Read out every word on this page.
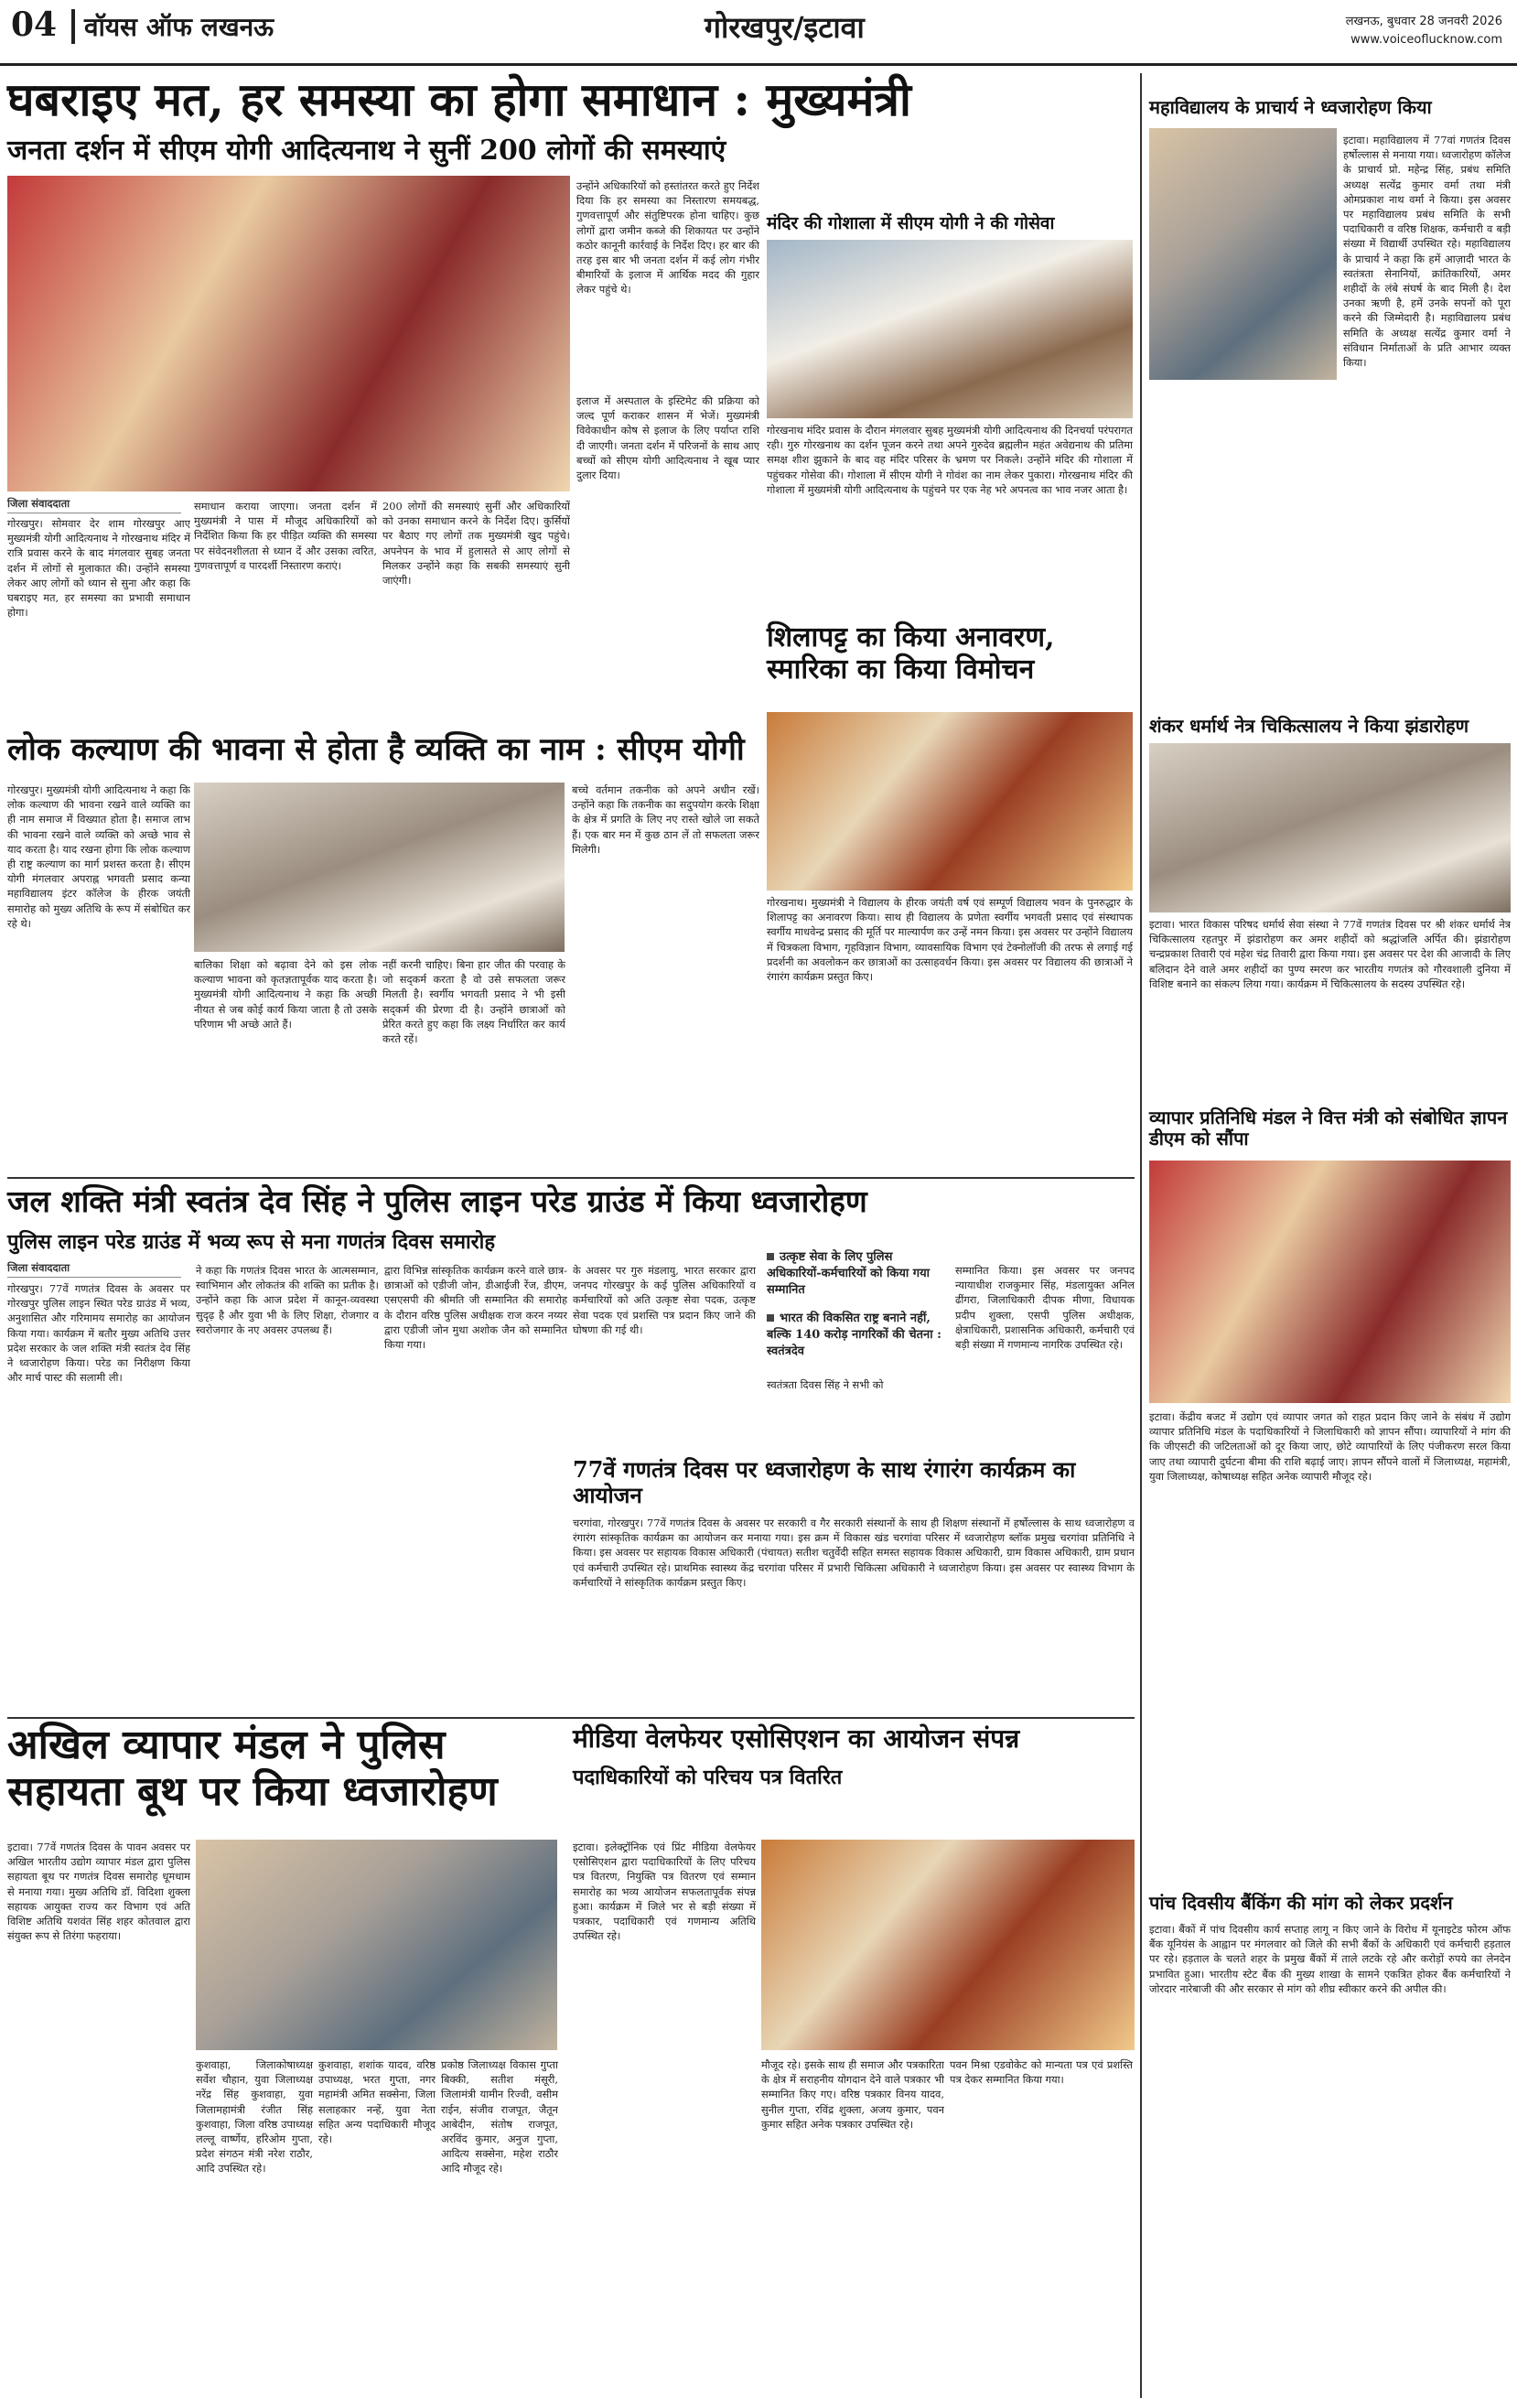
04	वॉयस ऑफ लखनऊ	गोरखपुर/इटावा	लखनऊ, बुधवार 28 जनवरी 2026
www.voiceoflucknow.com
घबराइए मत, हर समस्या का होगा समाधान : मुख्यमंत्री
जनता दर्शन में सीएम योगी आदित्यनाथ ने सुनीं 200 लोगों की समस्याएं
जिला संवाददाता
गोरखपुर। सोमवार देर शाम गोरखपुर आए मुख्यमंत्री योगी आदित्यनाथ ने गोरखनाथ मंदिर में रात्रि प्रवास करने के बाद मंगलवार सुबह जनता दर्शन में लोगों से मुलाकात की। उन्होंने समस्या लेकर आए लोगों को ध्यान से सुना और कहा कि घबराइए मत, हर समस्या का प्रभावी समाधान होगा।
समाधान कराया जाएगा। जनता दर्शन में मुख्यमंत्री ने पास में मौजूद अधिकारियों को निर्देशित किया कि हर पीड़ित व्यक्ति की समस्या पर संवेदनशीलता से ध्यान दें और उसका त्वरित, गुणवत्तापूर्ण व पारदर्शी निस्तारण कराएं।
200 लोगों की समस्याएं सुनीं और अधिकारियों को उनका समाधान करने के निर्देश दिए। कुर्सियों पर बैठाए गए लोगों तक मुख्यमंत्री खुद पहुंचे। अपनेपन के भाव में हुलासते से आए लोगों से मिलकर उन्होंने कहा कि सबकी समस्याएं सुनी जाएंगी।
उन्होंने अधिकारियों को हस्तांतरत करते हुए निर्देश दिया कि हर समस्या का निस्तारण समयबद्ध, गुणवत्तापूर्ण और संतुष्टिपरक होना चाहिए। कुछ लोगों द्वारा जमीन कब्जे की शिकायत पर उन्होंने कठोर कानूनी कार्रवाई के निर्देश दिए। हर बार की तरह इस बार भी जनता दर्शन में कई लोग गंभीर बीमारियों के इलाज में आर्थिक मदद की गुहार लेकर पहुंचे थे।
इलाज में अस्पताल के इस्टिमेट की प्रक्रिया को जल्द पूर्ण कराकर शासन में भेजें। मुख्यमंत्री विवेकाधीन कोष से इलाज के लिए पर्याप्त राशि दी जाएगी। जनता दर्शन में परिजनों के साथ आए बच्चों को सीएम योगी आदित्यनाथ ने खूब प्यार दुलार दिया।
मंदिर की गोशाला में सीएम योगी ने की गोसेवा
गोरखनाथ मंदिर प्रवास के दौरान मंगलवार सुबह मुख्यमंत्री योगी आदित्यनाथ की दिनचर्या परंपरागत रही। गुरु गोरखनाथ का दर्शन पूजन करने तथा अपने गुरुदेव ब्रह्मलीन महंत अवेद्यनाथ की प्रतिमा समक्ष शीश झुकाने के बाद वह मंदिर परिसर के भ्रमण पर निकले। उन्होंने मंदिर की गोशाला में पहुंचकर गोसेवा की। गोशाला में सीएम योगी ने गोवंश का नाम लेकर पुकारा। गोरखनाथ मंदिर की गोशाला में मुख्यमंत्री योगी आदित्यनाथ के पहुंचने पर एक नेह भरे अपनत्व का भाव नजर आता है।
शिलापट्ट का किया अनावरण, स्मारिका का किया विमोचन
गोरखनाथ। मुख्यमंत्री ने विद्यालय के हीरक जयंती वर्ष एवं सम्पूर्ण विद्यालय भवन के पुनरुद्धार के शिलापट्ट का अनावरण किया। साथ ही विद्यालय के प्रणेता स्वर्गीय भगवती प्रसाद एवं संस्थापक स्वर्गीय माधवेन्द्र प्रसाद की मूर्ति पर माल्यार्पण कर उन्हें नमन किया। इस अवसर पर उन्होंने विद्यालय में चित्रकला विभाग, गृहविज्ञान विभाग, व्यावसायिक विभाग एवं टेक्नोलॉजी की तरफ से लगाई गई प्रदर्शनी का अवलोकन कर छात्राओं का उत्साहवर्धन किया। इस अवसर पर विद्यालय की छात्राओं ने रंगारंग कार्यक्रम प्रस्तुत किए।
लोक कल्याण की भावना से होता है व्यक्ति का नाम : सीएम योगी
गोरखपुर। मुख्यमंत्री योगी आदित्यनाथ ने कहा कि लोक कल्याण की भावना रखने वाले व्यक्ति का ही नाम समाज में विख्यात होता है। समाज लाभ की भावना रखने वाले व्यक्ति को अच्छे भाव से याद करता है। याद रखना होगा कि लोक कल्याण ही राष्ट्र कल्याण का मार्ग प्रशस्त करता है। सीएम योगी मंगलवार अपराह्न भगवती प्रसाद कन्या महाविद्यालय इंटर कॉलेज के हीरक जयंती समारोह को मुख्य अतिथि के रूप में संबोधित कर रहे थे।
बालिका शिक्षा को बढ़ावा देने को इस लोक कल्याण भावना को कृतज्ञतापूर्वक याद करता है। मुख्यमंत्री योगी आदित्यनाथ ने कहा कि अच्छी नीयत से जब कोई कार्य किया जाता है तो उसके परिणाम भी अच्छे आते हैं।
नहीं करनी चाहिए। बिना हार जीत की परवाह के जो सद्कर्म करता है वो उसे सफलता जरूर मिलती है। स्वर्गीय भगवती प्रसाद ने भी इसी सद्कर्म की प्रेरणा दी है। उन्होंने छात्राओं को प्रेरित करते हुए कहा कि लक्ष्य निर्धारित कर कार्य करते रहें।
बच्चे वर्तमान तकनीक को अपने अधीन रखें। उन्होंने कहा कि तकनीक का सदुपयोग करके शिक्षा के क्षेत्र में प्रगति के लिए नए रास्ते खोले जा सकते हैं। एक बार मन में कुछ ठान लें तो सफलता जरूर मिलेगी।
जल शक्ति मंत्री स्वतंत्र देव सिंह ने पुलिस लाइन परेड ग्राउंड में किया ध्वजारोहण
पुलिस लाइन परेड ग्राउंड में भव्य रूप से मना गणतंत्र दिवस समारोह
जिला संवाददाता
गोरखपुर। 77वें गणतंत्र दिवस के अवसर पर गोरखपुर पुलिस लाइन स्थित परेड ग्राउंड में भव्य, अनुशासित और गरिमामय समारोह का आयोजन किया गया। कार्यक्रम में बतौर मुख्य अतिथि उत्तर प्रदेश सरकार के जल शक्ति मंत्री स्वतंत्र देव सिंह ने ध्वजारोहण किया। परेड का निरीक्षण किया और मार्च पास्ट की सलामी ली।
ने कहा कि गणतंत्र दिवस भारत के आत्मसम्मान, स्वाभिमान और लोकतंत्र की शक्ति का प्रतीक है। उन्होंने कहा कि आज प्रदेश में कानून-व्यवस्था सुदृढ़ है और युवा भी के लिए शिक्षा, रोजगार व स्वरोजगार के नए अवसर उपलब्ध हैं।
द्वारा विभिन्न सांस्कृतिक कार्यक्रम करने वाले छात्र-छात्राओं को एडीजी जोन, डीआईजी रेंज, डीएम, एसएसपी की श्रीमति जी सम्मानित की समारोह के दौरान वरिष्ठ पुलिस अधीक्षक राज करन नय्यर द्वारा एडीजी जोन मुथा अशोक जैन को सम्मानित किया गया।
के अवसर पर गुरु मंडलायु, भारत सरकार द्वारा जनपद गोरखपुर के कई पुलिस अधिकारियों व कर्मचारियों को अति उत्कृष्ट सेवा पदक, उत्कृष्ट सेवा पदक एवं प्रशस्ति पत्र प्रदान किए जाने की घोषणा की गई थी।
उत्कृष्ट सेवा के लिए पुलिस अधिकारियों-कर्मचारियों को किया गया सम्मानित
भारत की विकसित राष्ट्र बनाने नहीं, बल्कि 140 करोड़ नागरिकों की चेतना : स्वतंत्रदेव
स्वतंत्रता दिवस सिंह ने सभी को
सम्मानित किया। इस अवसर पर जनपद न्यायाधीश राजकुमार सिंह, मंडलायुक्त अनिल ढींगरा, जिलाधिकारी दीपक मीणा, विधायक प्रदीप शुक्ला, एसपी पुलिस अधीक्षक, क्षेत्राधिकारी, प्रशासनिक अधिकारी, कर्मचारी एवं बड़ी संख्या में गणमान्य नागरिक उपस्थित रहे।
77वें गणतंत्र दिवस पर ध्वजारोहण के साथ रंगारंग कार्यक्रम का आयोजन
चरगांवा, गोरखपुर। 77वें गणतंत्र दिवस के अवसर पर सरकारी व गैर सरकारी संस्थानों के साथ ही शिक्षण संस्थानों में हर्षोल्लास के साथ ध्वजारोहण व रंगारंग सांस्कृतिक कार्यक्रम का आयोजन कर मनाया गया। इस क्रम में विकास खंड चरगांवा परिसर में ध्वजारोहण ब्लॉक प्रमुख चरगांवा प्रतिनिधि ने किया। इस अवसर पर सहायक विकास अधिकारी (पंचायत) सतीश चतुर्वेदी सहित समस्त सहायक विकास अधिकारी, ग्राम विकास अधिकारी, ग्राम प्रधान एवं कर्मचारी उपस्थित रहे। प्राथमिक स्वास्थ्य केंद्र चरगांवा परिसर में प्रभारी चिकित्सा अधिकारी ने ध्वजारोहण किया। इस अवसर पर स्वास्थ्य विभाग के कर्मचारियों ने सांस्कृतिक कार्यक्रम प्रस्तुत किए।
अखिल व्यापार मंडल ने पुलिस सहायता बूथ पर किया ध्वजारोहण
इटावा। 77वें गणतंत्र दिवस के पावन अवसर पर अखिल भारतीय उद्योग व्यापार मंडल द्वारा पुलिस सहायता बूथ पर गणतंत्र दिवस समारोह धूमधाम से मनाया गया। मुख्य अतिथि डॉ. विदिशा शुक्ला सहायक आयुक्त राज्य कर विभाग एवं अति विशिष्ट अतिथि यशवंत सिंह शहर कोतवाल द्वारा संयुक्त रूप से तिरंगा फहराया।
कुशवाहा, जिलाकोषाध्यक्ष सर्वेश चौहान, युवा जिलाध्यक्ष नरेंद्र सिंह कुशवाहा, युवा जिलामहामंत्री रंजीत सिंह कुशवाहा, जिला वरिष्ठ उपाध्यक्ष लल्लू वार्ष्णेय, हरिओम गुप्ता, प्रदेश संगठन मंत्री नरेश राठौर, आदि उपस्थित रहे।
कुशवाहा, शशांक यादव, वरिष्ठ उपाध्यक्ष, भरत गुप्ता, नगर महामंत्री अमित सक्सेना, जिला सलाहकार नन्हें, युवा नेता सहित अन्य पदाधिकारी मौजूद रहे।
प्रकोष्ठ जिलाध्यक्ष विकास गुप्ता बिक्की, सतीश मंसूरी, जिलामंत्री यामीन रिज्वी, वसीम राईन, संजीव राजपूत, जैतून आबेदीन, संतोष राजपूत, अरविंद कुमार, अनुज गुप्ता, आदित्य सक्सेना, महेश राठौर आदि मौजूद रहे।
मीडिया वेलफेयर एसोसिएशन का आयोजन संपन्न
पदाधिकारियों को परिचय पत्र वितरित
इटावा। इलेक्ट्रॉनिक एवं प्रिंट मीडिया वेलफेयर एसोसिएशन द्वारा पदाधिकारियों के लिए परिचय पत्र वितरण, नियुक्ति पत्र वितरण एवं सम्मान समारोह का भव्य आयोजन सफलतापूर्वक संपन्न हुआ। कार्यक्रम में जिले भर से बड़ी संख्या में पत्रकार, पदाधिकारी एवं गणमान्य अतिथि उपस्थित रहे।
मौजूद रहे। इसके साथ ही समाज और पत्रकारिता के क्षेत्र में सराहनीय योगदान देने वाले पत्रकार भी सम्मानित किए गए। वरिष्ठ पत्रकार विनय यादव, सुनील गुप्ता, रविंद्र शुक्ला, अजय कुमार, पवन कुमार सहित अनेक पत्रकार उपस्थित रहे।
पवन मिश्रा एडवोकेट को मान्यता पत्र एवं प्रशस्ति पत्र देकर सम्मानित किया गया।
महाविद्यालय के प्राचार्य ने ध्वजारोहण किया
इटावा। महाविद्यालय में 77वां गणतंत्र दिवस हर्षोल्लास से मनाया गया। ध्वजारोहण कॉलेज के प्राचार्य प्रो. महेन्द्र सिंह, प्रबंध समिति अध्यक्ष सत्येंद्र कुमार वर्मा तथा मंत्री ओमप्रकाश नाथ वर्मा ने किया। इस अवसर पर महाविद्यालय प्रबंध समिति के सभी पदाधिकारी व वरिष्ठ शिक्षक, कर्मचारी व बड़ी संख्या में विद्यार्थी उपस्थित रहे। महाविद्यालय के प्राचार्य ने कहा कि हमें आज़ादी भारत के स्वतंत्रता सेनानियों, क्रांतिकारियों, अमर शहीदों के लंबे संघर्ष के बाद मिली है। देश उनका ऋणी है, हमें उनके सपनों को पूरा करने की जिम्मेदारी है। महाविद्यालय प्रबंध समिति के अध्यक्ष सत्येंद्र कुमार वर्मा ने संविधान निर्माताओं के प्रति आभार व्यक्त किया।
शंकर धर्मार्थ नेत्र चिकित्सालय ने किया झंडारोहण
इटावा। भारत विकास परिषद धर्मार्थ सेवा संस्था ने 77वें गणतंत्र दिवस पर श्री शंकर धर्मार्थ नेत्र चिकित्सालय रहतपुर में झंडारोहण कर अमर शहीदों को श्रद्धांजलि अर्पित की। झंडारोहण चन्द्रप्रकाश तिवारी एवं महेश चंद्र तिवारी द्वारा किया गया। इस अवसर पर देश की आजादी के लिए बलिदान देने वाले अमर शहीदों का पुण्य स्मरण कर भारतीय गणतंत्र को गौरवशाली दुनिया में विशिष्ट बनाने का संकल्प लिया गया। कार्यक्रम में चिकित्सालय के सदस्य उपस्थित रहे।
व्यापार प्रतिनिधि मंडल ने वित्त मंत्री को संबोधित ज्ञापन डीएम को सौंपा
इटावा। केंद्रीय बजट में उद्योग एवं व्यापार जगत को राहत प्रदान किए जाने के संबंध में उद्योग व्यापार प्रतिनिधि मंडल के पदाधिकारियों ने जिलाधिकारी को ज्ञापन सौंपा। व्यापारियों ने मांग की कि जीएसटी की जटिलताओं को दूर किया जाए, छोटे व्यापारियों के लिए पंजीकरण सरल किया जाए तथा व्यापारी दुर्घटना बीमा की राशि बढ़ाई जाए। ज्ञापन सौंपने वालों में जिलाध्यक्ष, महामंत्री, युवा जिलाध्यक्ष, कोषाध्यक्ष सहित अनेक व्यापारी मौजूद रहे।
पांच दिवसीय बैंकिंग की मांग को लेकर प्रदर्शन
इटावा। बैंकों में पांच दिवसीय कार्य सप्ताह लागू न किए जाने के विरोध में यूनाइटेड फोरम ऑफ बैंक यूनियंस के आह्वान पर मंगलवार को जिले की सभी बैंकों के अधिकारी एवं कर्मचारी हड़ताल पर रहे। हड़ताल के चलते शहर के प्रमुख बैंकों में ताले लटके रहे और करोड़ों रुपये का लेनदेन प्रभावित हुआ। भारतीय स्टेट बैंक की मुख्य शाखा के सामने एकत्रित होकर बैंक कर्मचारियों ने जोरदार नारेबाजी की और सरकार से मांग को शीघ्र स्वीकार करने की अपील की।
